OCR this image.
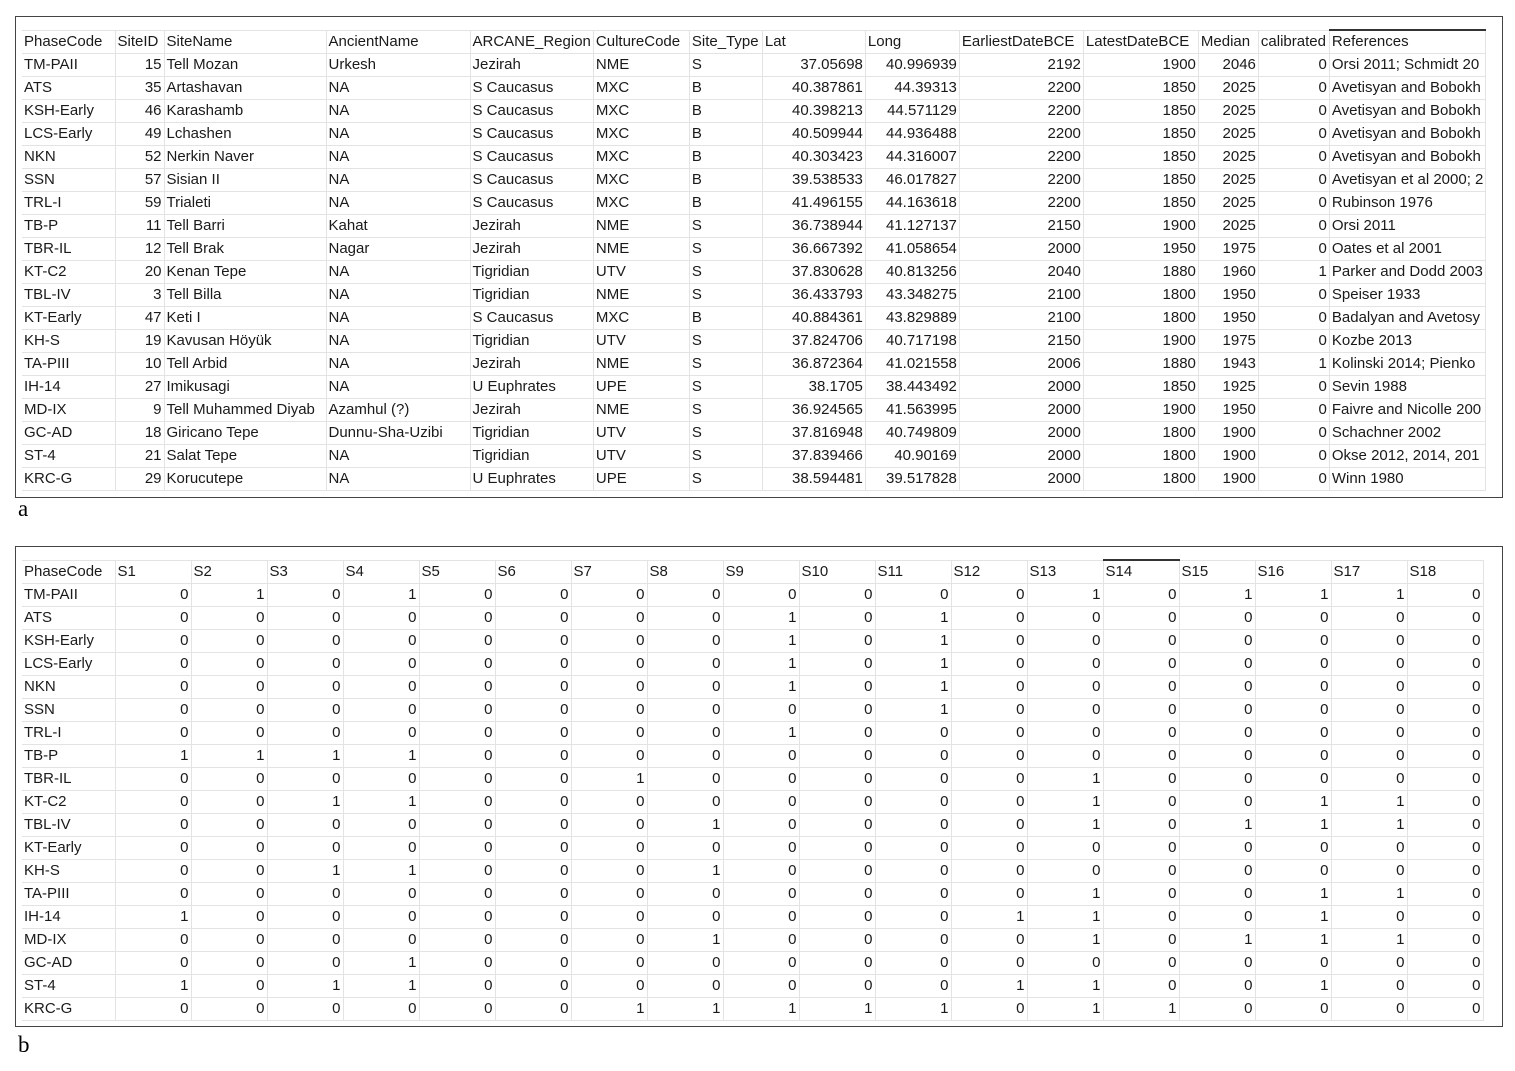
PhaseCode	SiteID	SiteName	AncientName	ARCANE_Region	CultureCode	Site_Type	Lat	Long	EarliestDateBCE	LatestDateBCE	Median	calibrated	References
TM-PAII	15	Tell Mozan	Urkesh	Jezirah	NME	S	37.05698	40.996939	2192	1900	2046	0	Orsi 2011; Schmidt 20
ATS	35	Artashavan	NA	S Caucasus	MXC	B	40.387861	44.39313	2200	1850	2025	0	Avetisyan and Bobokh
KSH-Early	46	Karashamb	NA	S Caucasus	MXC	B	40.398213	44.571129	2200	1850	2025	0	Avetisyan and Bobokh
LCS-Early	49	Lchashen	NA	S Caucasus	MXC	B	40.509944	44.936488	2200	1850	2025	0	Avetisyan and Bobokh
NKN	52	Nerkin Naver	NA	S Caucasus	MXC	B	40.303423	44.316007	2200	1850	2025	0	Avetisyan and Bobokh
SSN	57	Sisian II	NA	S Caucasus	MXC	B	39.538533	46.017827	2200	1850	2025	0	Avetisyan et al 2000; 2
TRL-I	59	Trialeti	NA	S Caucasus	MXC	B	41.496155	44.163618	2200	1850	2025	0	Rubinson 1976
TB-P	11	Tell Barri	Kahat	Jezirah	NME	S	36.738944	41.127137	2150	1900	2025	0	Orsi 2011
TBR-IL	12	Tell Brak	Nagar	Jezirah	NME	S	36.667392	41.058654	2000	1950	1975	0	Oates et al 2001
KT-C2	20	Kenan Tepe	NA	Tigridian	UTV	S	37.830628	40.813256	2040	1880	1960	1	Parker and Dodd 2003
TBL-IV	3	Tell Billa	NA	Tigridian	NME	S	36.433793	43.348275	2100	1800	1950	0	Speiser 1933
KT-Early	47	Keti I	NA	S Caucasus	MXC	B	40.884361	43.829889	2100	1800	1950	0	Badalyan and Avetosy
KH-S	19	Kavusan Höyük	NA	Tigridian	UTV	S	37.824706	40.717198	2150	1900	1975	0	Kozbe 2013
TA-PIII	10	Tell Arbid	NA	Jezirah	NME	S	36.872364	41.021558	2006	1880	1943	1	Kolinski 2014; Pienko
IH-14	27	Imikusagi	NA	U Euphrates	UPE	S	38.1705	38.443492	2000	1850	1925	0	Sevin 1988
MD-IX	9	Tell Muhammed Diyab	Azamhul (?)	Jezirah	NME	S	36.924565	41.563995	2000	1900	1950	0	Faivre and Nicolle 200
GC-AD	18	Giricano Tepe	Dunnu-Sha-Uzibi	Tigridian	UTV	S	37.816948	40.749809	2000	1800	1900	0	Schachner 2002
ST-4	21	Salat Tepe	NA	Tigridian	UTV	S	37.839466	40.90169	2000	1800	1900	0	Okse 2012, 2014, 201
KRC-G	29	Korucutepe	NA	U Euphrates	UPE	S	38.594481	39.517828	2000	1800	1900	0	Winn 1980
a
PhaseCode	S1	S2	S3	S4	S5	S6	S7	S8	S9	S10	S11	S12	S13	S14	S15	S16	S17	S18
TM-PAII	0	1	0	1	0	0	0	0	0	0	0	0	1	0	1	1	1	0
ATS	0	0	0	0	0	0	0	0	1	0	1	0	0	0	0	0	0	0
KSH-Early	0	0	0	0	0	0	0	0	1	0	1	0	0	0	0	0	0	0
LCS-Early	0	0	0	0	0	0	0	0	1	0	1	0	0	0	0	0	0	0
NKN	0	0	0	0	0	0	0	0	1	0	1	0	0	0	0	0	0	0
SSN	0	0	0	0	0	0	0	0	0	0	1	0	0	0	0	0	0	0
TRL-I	0	0	0	0	0	0	0	0	1	0	0	0	0	0	0	0	0	0
TB-P	1	1	1	1	0	0	0	0	0	0	0	0	0	0	0	0	0	0
TBR-IL	0	0	0	0	0	0	1	0	0	0	0	0	1	0	0	0	0	0
KT-C2	0	0	1	1	0	0	0	0	0	0	0	0	1	0	0	1	1	0
TBL-IV	0	0	0	0	0	0	0	1	0	0	0	0	1	0	1	1	1	0
KT-Early	0	0	0	0	0	0	0	0	0	0	0	0	0	0	0	0	0	0
KH-S	0	0	1	1	0	0	0	1	0	0	0	0	0	0	0	0	0	0
TA-PIII	0	0	0	0	0	0	0	0	0	0	0	0	1	0	0	1	1	0
IH-14	1	0	0	0	0	0	0	0	0	0	0	1	1	0	0	1	0	0
MD-IX	0	0	0	0	0	0	0	1	0	0	0	0	1	0	1	1	1	0
GC-AD	0	0	0	1	0	0	0	0	0	0	0	0	0	0	0	0	0	0
ST-4	1	0	1	1	0	0	0	0	0	0	0	1	1	0	0	1	0	0
KRC-G	0	0	0	0	0	0	1	1	1	1	1	0	1	1	0	0	0	0
b
